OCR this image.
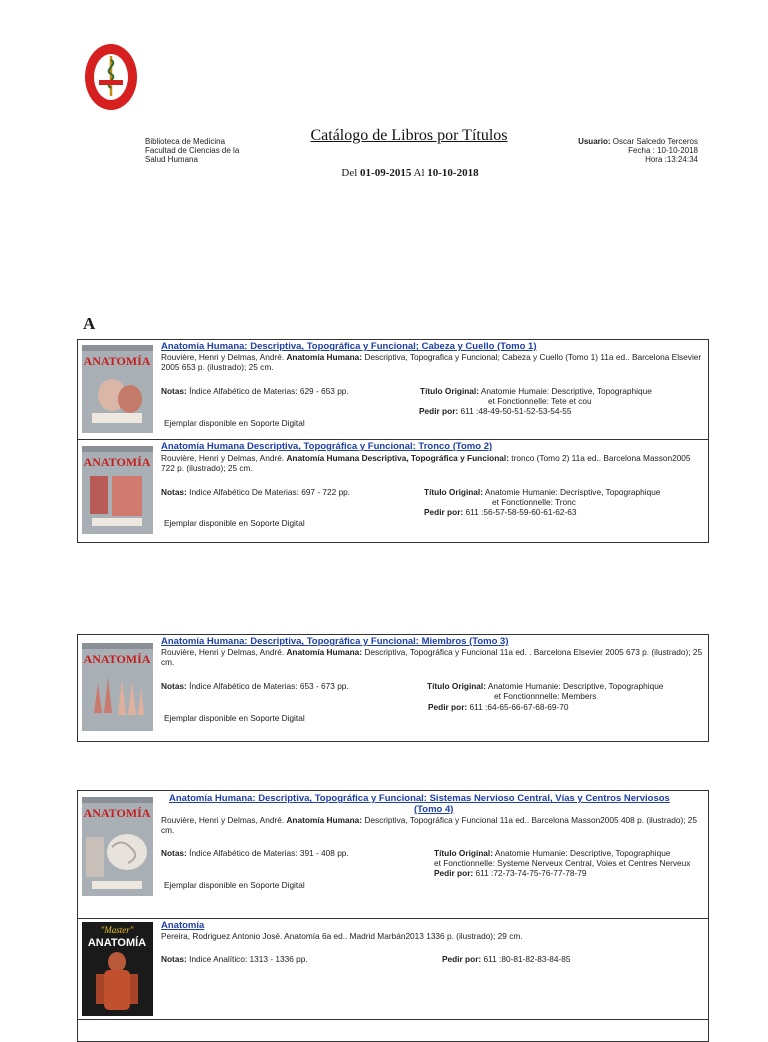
Biblioteca de Medicina
Facultad de Ciencias de la
Salud Humana
Catálogo de Libros por Títulos
Del 01-09-2015 Al 10-10-2018
Usuario: Oscar Salcedo Terceros
Fecha : 10-10-2018
Hora :13:24:34
A
ANATOMÍA
Anatomía Humana: Descriptiva, Topográfica y Funcional; Cabeza y Cuello (Tomo 1)
Rouvière, Henri y Delmas, André. Anatomía Humana: Descriptiva, Topografica y Funcional; Cabeza y Cuello (Tomo 1) 11a ed.. Barcelona Elsevier 2005 653 p. (ilustrado); 25 cm.
Notas: Índice Alfabético de Materias: 629 - 653 pp.	Título Original: Anatomie Humaie: Descriptive, Topographique
et Fonctionnelle: Tete et cou
Pedir por: 611 :48-49-50-51-52-53-54-55
Ejemplar disponible en Soporte Digital
ANATOMÍA
Anatomía Humana Descriptiva, Topográfica y Funcional: Tronco (Tomo 2)
Rouvière, Henri y Delmas, André. Anatomía Humana Descriptiva, Topográfica y Funcional: tronco (Tomo 2) 11a ed.. Barcelona Masson2005 722 p. (ilustrado); 25 cm.
Notas: Indice Alfabético De Materias: 697 - 722 pp.	Título Original: Anatomie Humanie: Decrisptive, Topographique
et Fonctionnelle: Tronc
Pedir por: 611 :56-57-58-59-60-61-62-63
Ejemplar disponible en Soporte Digital
ANATOMÍA
Anatomía Humana: Descriptiva, Topográfica y Funcional: Miembros (Tomo 3)
Rouvière, Henri y Delmas, André. Anatomía Humana: Descriptiva, Topográfica y Funcional 11a ed. . Barcelona Elsevier 2005 673 p. (ilustrado); 25 cm.
Notas: Índice Alfabético de Materias: 653 - 673 pp.	Título Original: Anatomie Humanie: Descriptive, Topographique
et Fonctionnnelle: Members
Pedir por: 611 :64-65-66-67-68-69-70
Ejemplar disponible en Soporte Digital
ANATOMÍA
Anatomía Humana: Descriptiva, Topográfica y Funcional: Sistemas Nervioso Central, Vías y Centros Nerviosos
(Tomo 4)
Rouvière, Henri y Delmas, André. Anatomía Humana: Descriptiva, Topográfica y Funcional 11a ed.. Barcelona Masson2005 408 p. (ilustrado); 25 cm.
Notas: Índice Alfabético de Materias: 391 - 408 pp.	Título Original: Anatomie Humanie: Descriptive, Topographique
et Fonctionnelle: Systeme Nerveux Central, Voies et Centres Nerveux
Pedir por: 611 :72-73-74-75-76-77-78-79
Ejemplar disponible en Soporte Digital
"Master"
ANATOMÍA
Anatomía
Pereira, Rodriguez Antonio José. Anatomía 6a ed.. Madrid Marbán2013 1336 p. (ilustrado); 29 cm.
Notas: Indice Analítico: 1313 - 1336 pp.	Pedir por: 611 :80-81-82-83-84-85
